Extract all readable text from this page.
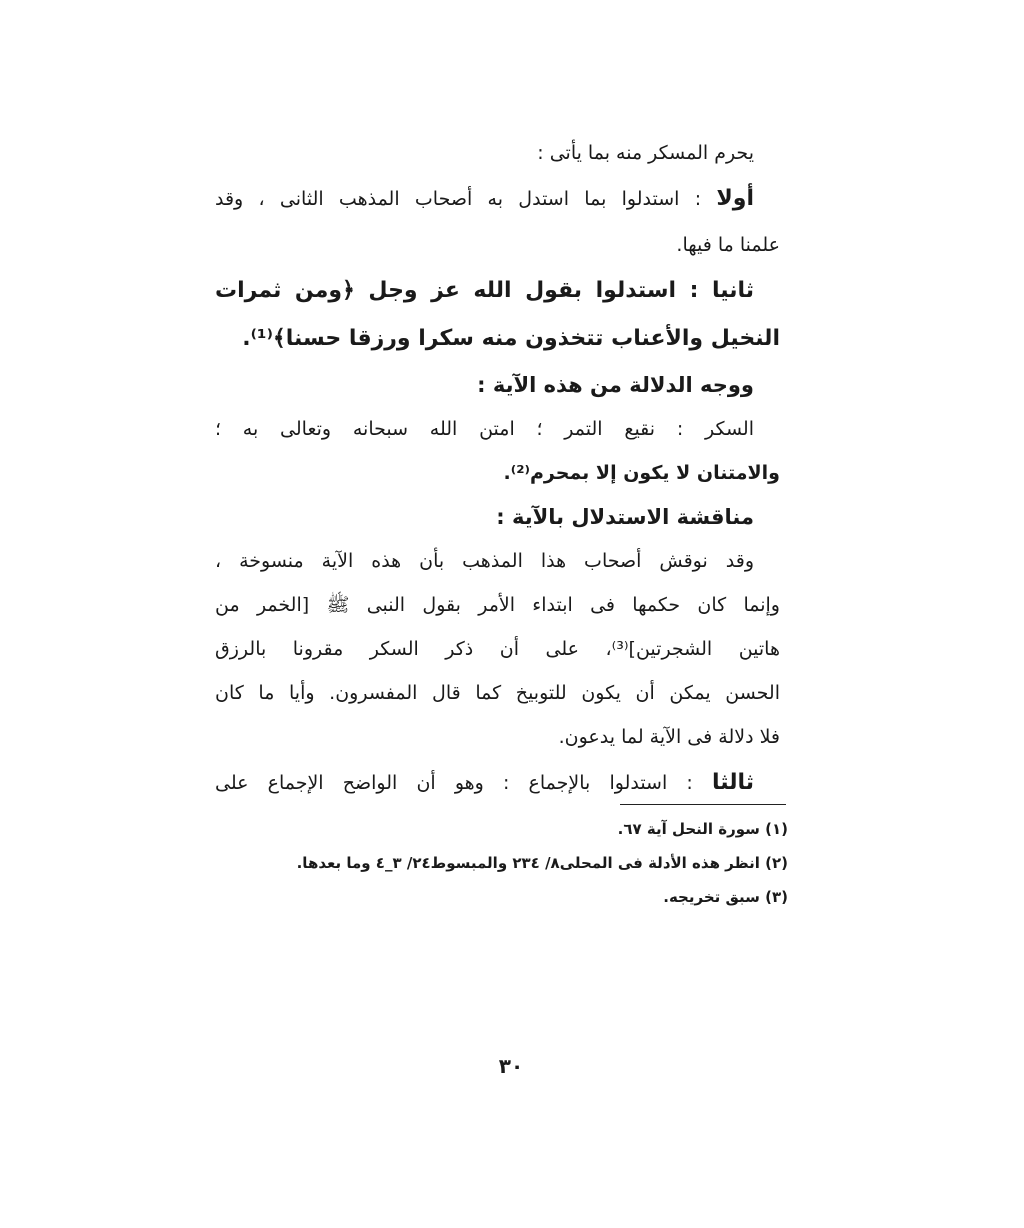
يحرم المسكر منه بما يأتى :
أولا : استدلوا بما استدل به أصحاب المذهب الثانى ، وقد
علمنا ما فيها.
ثانيا : استدلوا بقول الله عز وجل ﴿ومن ثمرات
النخيل والأعناب تتخذون منه سكرا ورزقا حسنا﴾⁽¹⁾.
ووجه الدلالة من هذه الآية :
السكر : نقيع التمر ؛ امتن الله سبحانه وتعالى به ؛
والامتنان لا يكون إلا بمحرم⁽²⁾.
مناقشة الاستدلال بالآية :
وقد نوقش أصحاب هذا المذهب بأن هذه الآية منسوخة ،
وإنما كان حكمها فى ابتداء الأمر بقول النبى ﷺ [الخمر من
هاتين الشجرتين]⁽³⁾، على أن ذكر السكر مقرونا بالرزق
الحسن يمكن أن يكون للتوبيخ كما قال المفسرون. وأيا ما كان
فلا دلالة فى الآية لما يدعون.
ثالثا : استدلوا بالإجماع : وهو أن الواضح الإجماع على
(١) سورة النحل آية ٦٧.
(٢) انظر هذه الأدلة فى المحلى٨/ ٢٣٤ والمبسوط٢٤/ ٣_٤ وما بعدها.
(٣) سبق تخريجه.
٣٠
